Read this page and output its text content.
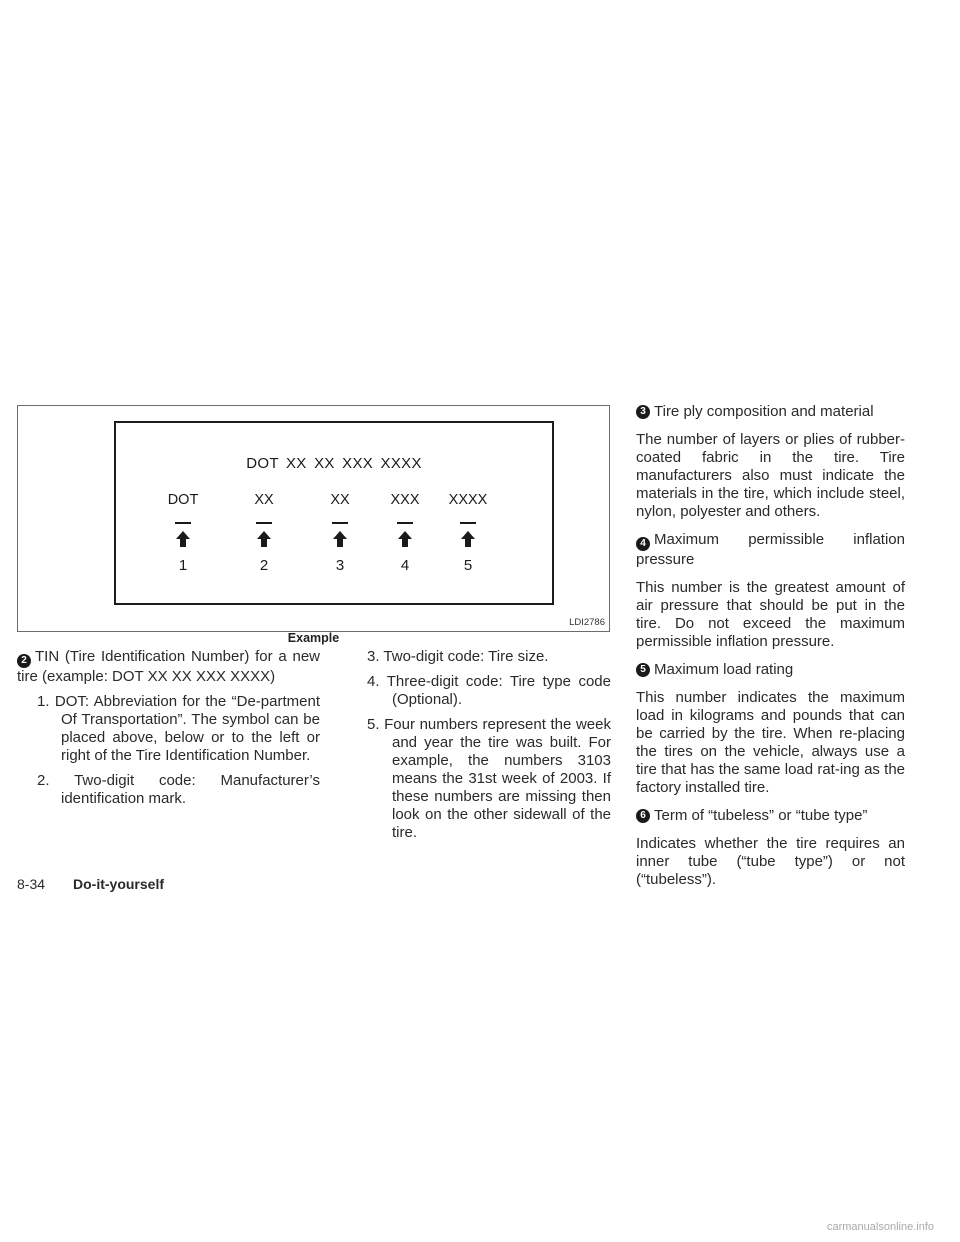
DOT XX XX XXX XXXX
DOT
1
XX
2
XX
3
XXX
4
XXXX
5
LDI2786
Example

2 TIN (Tire Identification Number) for a new tire (example: DOT XX XX XXX XXXX)

1. DOT: Abbreviation for the “De-partment Of Transportation”. The symbol can be placed above, below or to the left or right of the Tire Identification Number.

2. Two-digit code: Manufacturer’s identification mark.

3. Two-digit code: Tire size.

4. Three-digit code: Tire type code (Optional).

5. Four numbers represent the week and year the tire was built. For example, the numbers 3103 means the 31st week of 2003. If these numbers are missing then look on the other sidewall of the tire.

3 Tire ply composition and material

The number of layers or plies of rubber-coated fabric in the tire. Tire manufacturers also must indicate the materials in the tire, which include steel, nylon, polyester and others.

4 Maximum permissible inflation pressure

This number is the greatest amount of air pressure that should be put in the tire. Do not exceed the maximum permissible inflation pressure.

5 Maximum load rating

This number indicates the maximum load in kilograms and pounds that can be carried by the tire. When re-placing the tires on the vehicle, always use a tire that has the same load rat-ing as the factory installed tire.

6 Term of “tubeless” or “tube type”

Indicates whether the tire requires an inner tube (“tube type”) or not (“tubeless”).

8-34 Do-it-yourself
carmanualsonline.info
